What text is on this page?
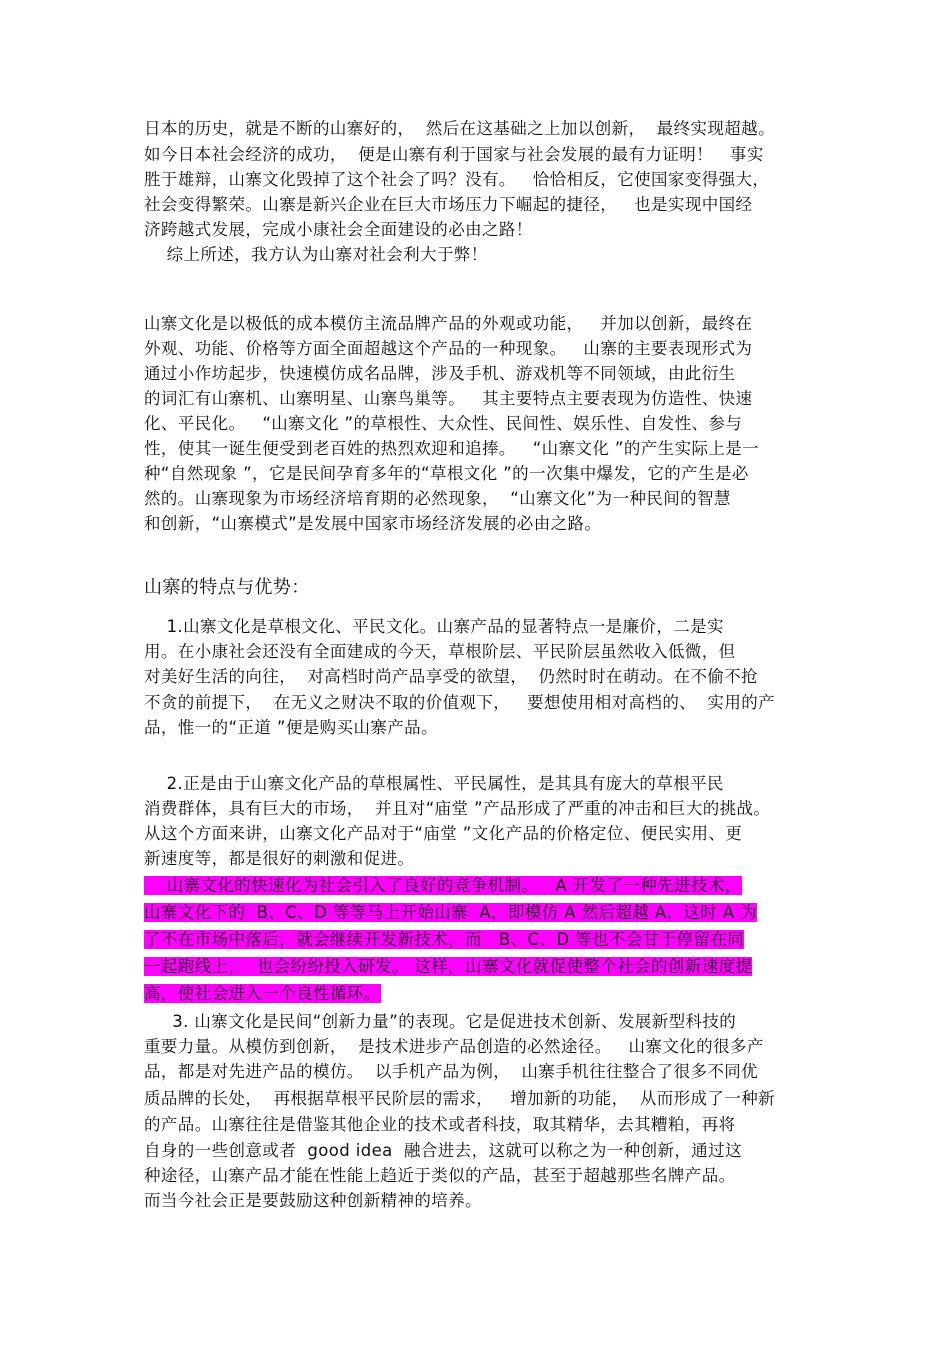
日本的历史，就是不断的山寨好的，  然后在这基础之上加以创新，  最终实现超越。
如今日本社会经济的成功，  便是山寨有利于国家与社会发展的最有力证明！   事实
胜于雄辩，山寨文化毁掉了这个社会了吗？没有。   恰恰相反，它使国家变得强大，
社会变得繁荣。山寨是新兴企业在巨大市场压力下崛起的捷径，   也是实现中国经
济跨越式发展，完成小康社会全面建设的必由之路！
综上所述，我方认为山寨对社会利大于弊！
山寨文化是以极低的成本模仿主流品牌产品的外观或功能，   并加以创新，最终在
外观、功能、价格等方面全面超越这个产品的一种现象。   山寨的主要表现形式为
通过小作坊起步，快速模仿成名品牌，涉及手机、游戏机等不同领域，由此衍生
的词汇有山寨机、山寨明星、山寨鸟巢等。   其主要特点主要表现为仿造性、快速
化、平民化。   “山寨文化 ”的草根性、大众性、民间性、娱乐性、自发性、参与
性，使其一诞生便受到老百姓的热烈欢迎和追捧。   “山寨文化 ”的产生实际上是一
种“自然现象 ”，它是民间孕育多年的“草根文化 ”的一次集中爆发，它的产生是必
然的。山寨现象为市场经济培育期的必然现象，  “山寨文化”为一种民间的智慧
和创新，“山寨模式”是发展中国家市场经济发展的必由之路。
山寨的特点与优势：
1.山寨文化是草根文化、平民文化。山寨产品的显著特点一是廉价，二是实
用。在小康社会还没有全面建成的今天，草根阶层、平民阶层虽然收入低微，但
对美好生活的向往，  对高档时尚产品享受的欲望，  仍然时时在萌动。在不偷不抢
不贪的前提下，  在无义之财决不取的价值观下，   要想使用相对高档的、  实用的产
品，惟一的“正道 ”便是购买山寨产品。
2.正是由于山寨文化产品的草根属性、平民属性，是其具有庞大的草根平民
消费群体，具有巨大的市场，  并且对“庙堂 ”产品形成了严重的冲击和巨大的挑战。
从这个方面来讲，山寨文化产品对于“庙堂 ”文化产品的价格定位、便民实用、更
新速度等，都是很好的刺激和促进。
山寨文化的快速化为社会引入了良好的竞争机制。   A 开发了一种先进技术，
山寨文化下的  B、C、D 等等马上开始山寨  A，即模仿 A 然后超越 A，这时 A 为
了不在市场中落后，就会继续开发新技术，而   B、C、D 等也不会甘于停留在同
一起跑线上，  也会纷纷投入研发。 这样，山寨文化就促使整个社会的创新速度提
高，使社会进入一个良性循环。
3. 山寨文化是民间“创新力量”的表现。它是促进技术创新、发展新型科技的
重要力量。从模仿到创新，  是技术进步产品创造的必然途径。   山寨文化的很多产
品，都是对先进产品的模仿。  以手机产品为例，  山寨手机往往整合了很多不同优
质品牌的长处，  再根据草根平民阶层的需求，   增加新的功能，  从而形成了一种新
的产品。山寨往往是借鉴其他企业的技术或者科技，取其精华，去其糟粕，再将
自身的一些创意或者  good idea  融合进去，这就可以称之为一种创新，通过这
种途径，山寨产品才能在性能上趋近于类似的产品，甚至于超越那些名牌产品。
而当今社会正是要鼓励这种创新精神的培养。
